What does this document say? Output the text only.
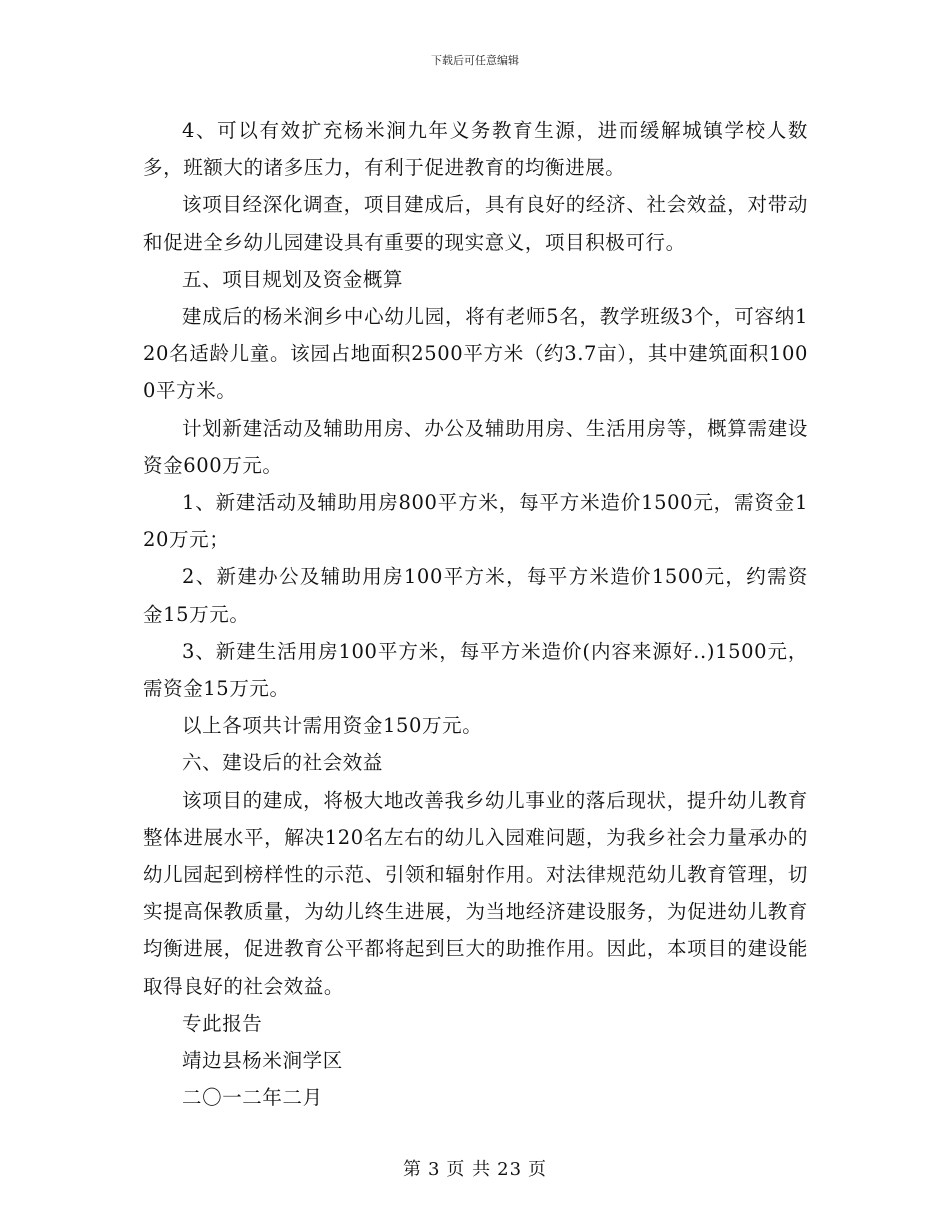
下载后可任意编辑

4、可以有效扩充杨米涧九年义务教育生源，进而缓解城镇学校人数多，班额大的诸多压力，有利于促进教育的均衡进展。

该项目经深化调查，项目建成后，具有良好的经济、社会效益，对带动和促进全乡幼儿园建设具有重要的现实意义，项目积极可行。

五、项目规划及资金概算

建成后的杨米涧乡中心幼儿园，将有老师5名，教学班级3个，可容纳120名适龄儿童。该园占地面积2500平方米（约3.7亩），其中建筑面积1000平方米。

计划新建活动及辅助用房、办公及辅助用房、生活用房等，概算需建设资金600万元。

1、新建活动及辅助用房800平方米，每平方米造价1500元，需资金120万元；

2、新建办公及辅助用房100平方米，每平方米造价1500元，约需资金15万元。

3、新建生活用房100平方米，每平方米造价(内容来源好..)1500元，需资金15万元。

以上各项共计需用资金150万元。

六、建设后的社会效益

该项目的建成，将极大地改善我乡幼儿事业的落后现状，提升幼儿教育整体进展水平，解决120名左右的幼儿入园难问题，为我乡社会力量承办的幼儿园起到榜样性的示范、引领和辐射作用。对法律规范幼儿教育管理，切实提高保教质量，为幼儿终生进展，为当地经济建设服务，为促进幼儿教育均衡进展，促进教育公平都将起到巨大的助推作用。因此，本项目的建设能取得良好的社会效益。

专此报告

靖边县杨米涧学区

二〇一二年二月

第 3 页 共 23 页
